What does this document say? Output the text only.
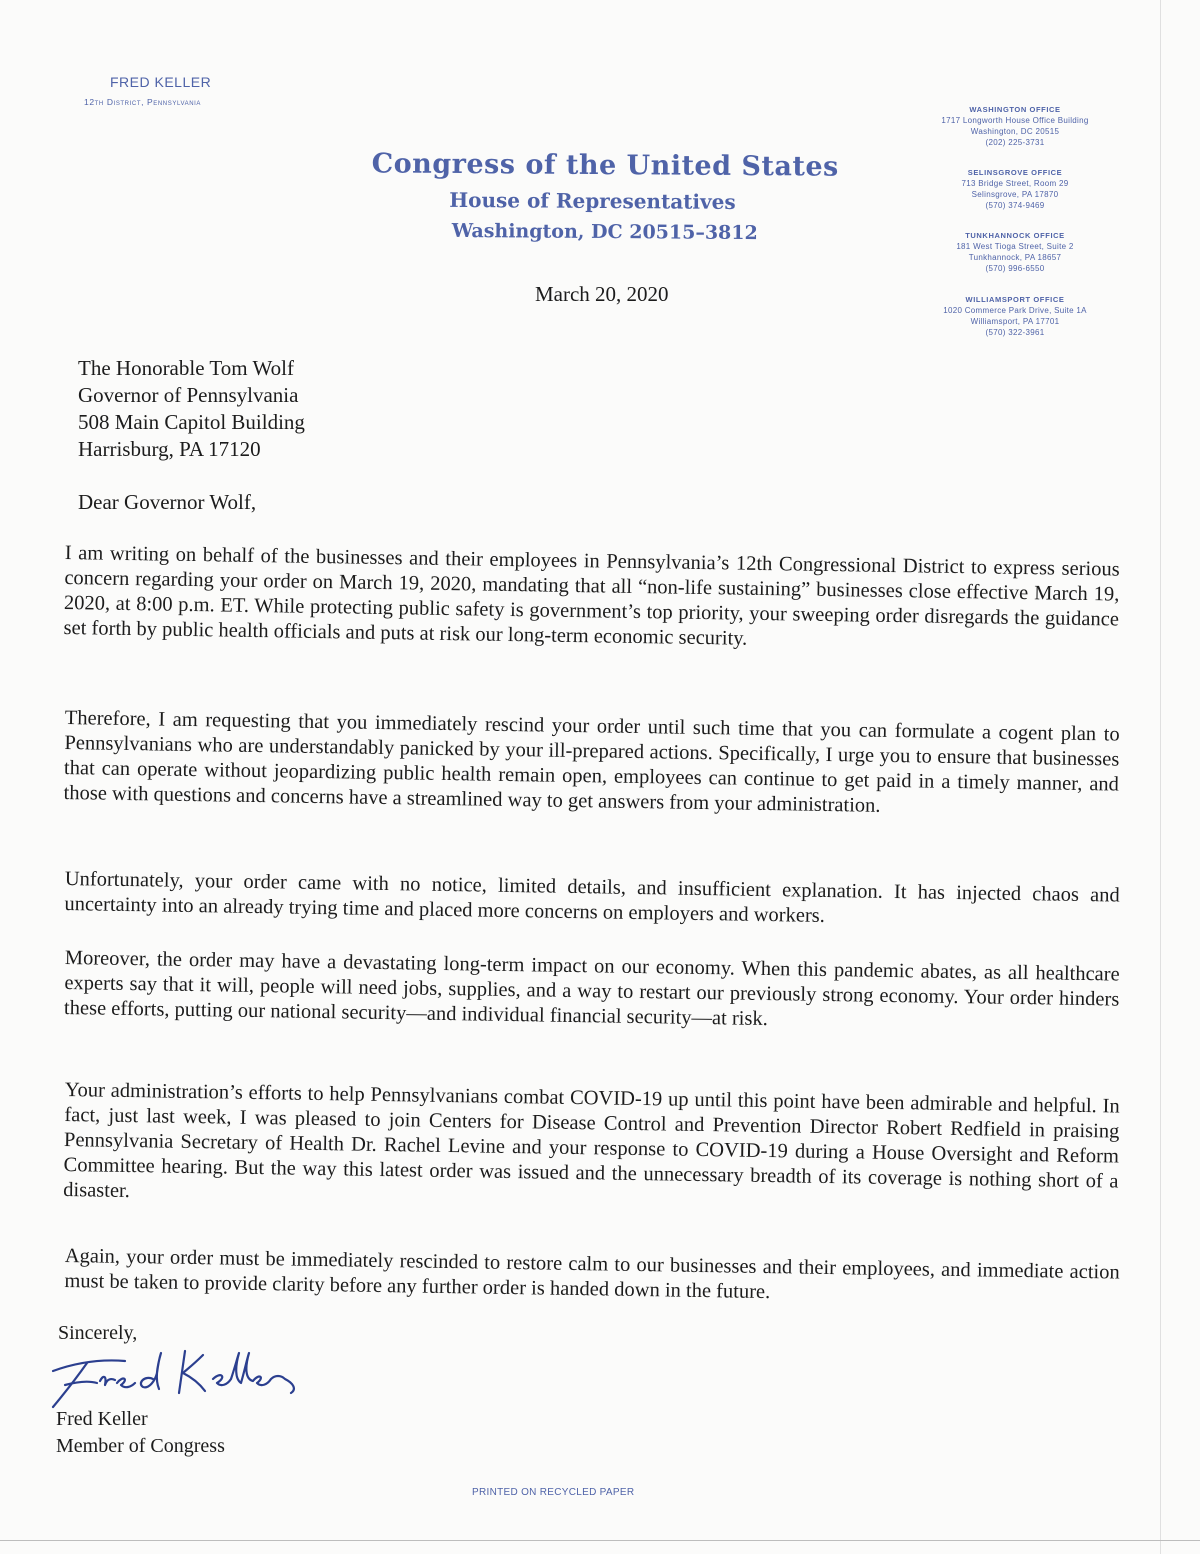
FRED KELLER
12th District, Pennsylvania
Congress of the United States
House of Representatives
Washington, DC 20515–3812
March 20, 2020
WASHINGTON OFFICE
1717 Longworth House Office Building
Washington, DC 20515
(202) 225-3731
SELINSGROVE OFFICE
713 Bridge Street, Room 29
Selinsgrove, PA 17870
(570) 374-9469
TUNKHANNOCK OFFICE
181 West Tioga Street, Suite 2
Tunkhannock, PA 18657
(570) 996-6550
WILLIAMSPORT OFFICE
1020 Commerce Park Drive, Suite 1A
Williamsport, PA 17701
(570) 322-3961
The Honorable Tom Wolf
Governor of Pennsylvania
508 Main Capitol Building
Harrisburg, PA 17120
Dear Governor Wolf,

I am writing on behalf of the businesses and their employees in Pennsylvania’s 12th Congressional District to express serious concern regarding your order on March 19, 2020, mandating that all “non-life sustaining” businesses close effective March 19, 2020, at 8:00 p.m. ET. While protecting public safety is government’s top priority, your sweeping order disregards the guidance set forth by public health officials and puts at risk our long-term economic security.

Therefore, I am requesting that you immediately rescind your order until such time that you can formulate a cogent plan to Pennsylvanians who are understandably panicked by your ill-prepared actions. Specifically, I urge you to ensure that businesses that can operate without jeopardizing public health remain open, employees can continue to get paid in a timely manner, and those with questions and concerns have a streamlined way to get answers from your administration.

Unfortunately, your order came with no notice, limited details, and insufficient explanation. It has injected chaos and uncertainty into an already trying time and placed more concerns on employers and workers.

Moreover, the order may have a devastating long-term impact on our economy. When this pandemic abates, as all healthcare experts say that it will, people will need jobs, supplies, and a way to restart our previously strong economy. Your order hinders these efforts, putting our national security—and individual financial security—at risk.

Your administration’s efforts to help Pennsylvanians combat COVID-19 up until this point have been admirable and helpful. In fact, just last week, I was pleased to join Centers for Disease Control and Prevention Director Robert Redfield in praising Pennsylvania Secretary of Health Dr. Rachel Levine and your response to COVID-19 during a House Oversight and Reform Committee hearing. But the way this latest order was issued and the unnecessary breadth of its coverage is nothing short of a disaster.

Again, your order must be immediately rescinded to restore calm to our businesses and their employees, and immediate action must be taken to provide clarity before any further order is handed down in the future.

Sincerely,
Fred Keller
Member of Congress
PRINTED ON RECYCLED PAPER
